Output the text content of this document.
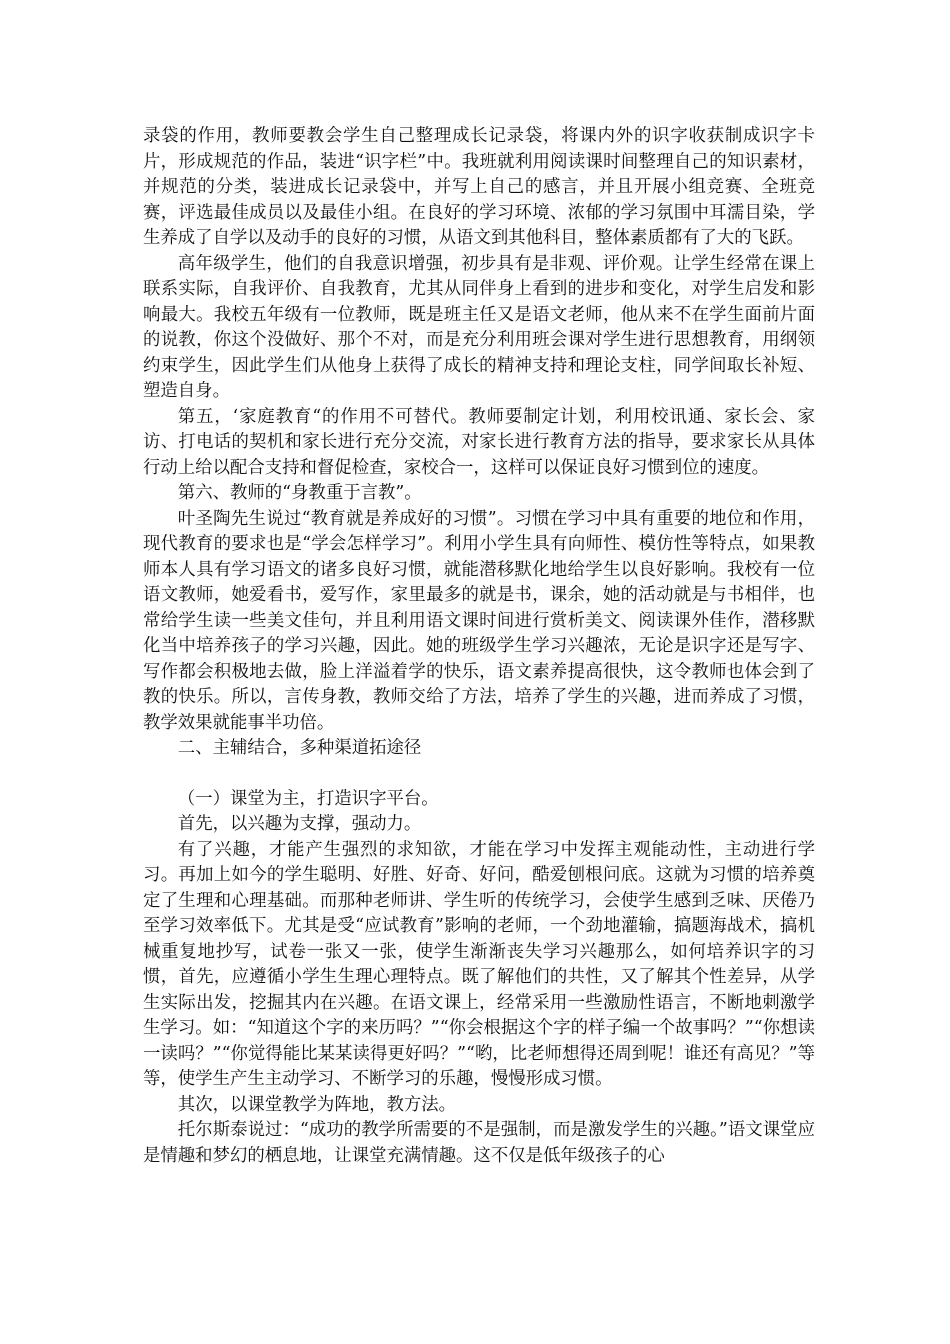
录袋的作用，教师要教会学生自己整理成长记录袋，将课内外的识字收获制成识字卡片，形成规范的作品，装进“识字栏”中。我班就利用阅读课时间整理自己的知识素材，并规范的分类，装进成长记录袋中，并写上自己的感言，并且开展小组竞赛、全班竞赛，评选最佳成员以及最佳小组。在良好的学习环境、浓郁的学习氛围中耳濡目染，学生养成了自学以及动手的良好的习惯，从语文到其他科目，整体素质都有了大的飞跃。

高年级学生，他们的自我意识增强，初步具有是非观、评价观。让学生经常在课上联系实际，自我评价、自我教育，尤其从同伴身上看到的进步和变化，对学生启发和影响最大。我校五年级有一位教师，既是班主任又是语文老师，他从来不在学生面前片面的说教，你这个没做好、那个不对，而是充分利用班会课对学生进行思想教育，用纲领约束学生，因此学生们从他身上获得了成长的精神支持和理论支柱，同学间取长补短、塑造自身。

第五，‘家庭教育“的作用不可替代。教师要制定计划，利用校讯通、家长会、家访、打电话的契机和家长进行充分交流，对家长进行教育方法的指导，要求家长从具体行动上给以配合支持和督促检查，家校合一，这样可以保证良好习惯到位的速度。

第六、教师的“身教重于言教”。

叶圣陶先生说过“教育就是养成好的习惯”。习惯在学习中具有重要的地位和作用，现代教育的要求也是“学会怎样学习”。利用小学生具有向师性、模仿性等特点，如果教师本人具有学习语文的诸多良好习惯，就能潜移默化地给学生以良好影响。我校有一位语文教师，她爱看书，爱写作，家里最多的就是书，课余，她的活动就是与书相伴，也常给学生读一些美文佳句，并且利用语文课时间进行赏析美文、阅读课外佳作，潜移默化当中培养孩子的学习兴趣，因此。她的班级学生学习兴趣浓，无论是识字还是写字、写作都会积极地去做，脸上洋溢着学的快乐，语文素养提高很快，这令教师也体会到了教的快乐。所以，言传身教，教师交给了方法，培养了学生的兴趣，进而养成了习惯，教学效果就能事半功倍。

二、主辅结合，多种渠道拓途径

（一）课堂为主，打造识字平台。

首先，以兴趣为支撑，强动力。

有了兴趣，才能产生强烈的求知欲，才能在学习中发挥主观能动性，主动进行学习。再加上如今的学生聪明、好胜、好奇、好问，酷爱刨根问底。这就为习惯的培养奠定了生理和心理基础。而那种老师讲、学生听的传统学习，会使学生感到乏味、厌倦乃至学习效率低下。尤其是受“应试教育”影响的老师，一个劲地灌输，搞题海战术，搞机械重复地抄写，试卷一张又一张，使学生渐渐丧失学习兴趣那么，如何培养识字的习惯，首先，应遵循小学生生理心理特点。既了解他们的共性，又了解其个性差异，从学生实际出发，挖掘其内在兴趣。在语文课上，经常采用一些激励性语言，不断地刺激学生学习。如：“知道这个字的来历吗？”“你会根据这个字的样子编一个故事吗？”“你想读一读吗？”“你觉得能比某某读得更好吗？”“哟，比老师想得还周到呢！谁还有高见？”等等，使学生产生主动学习、不断学习的乐趣，慢慢形成习惯。

其次，以课堂教学为阵地，教方法。

托尔斯泰说过：“成功的教学所需要的不是强制，而是激发学生的兴趣。”语文课堂应是情趣和梦幻的栖息地，让课堂充满情趣。这不仅是低年级孩子的心
